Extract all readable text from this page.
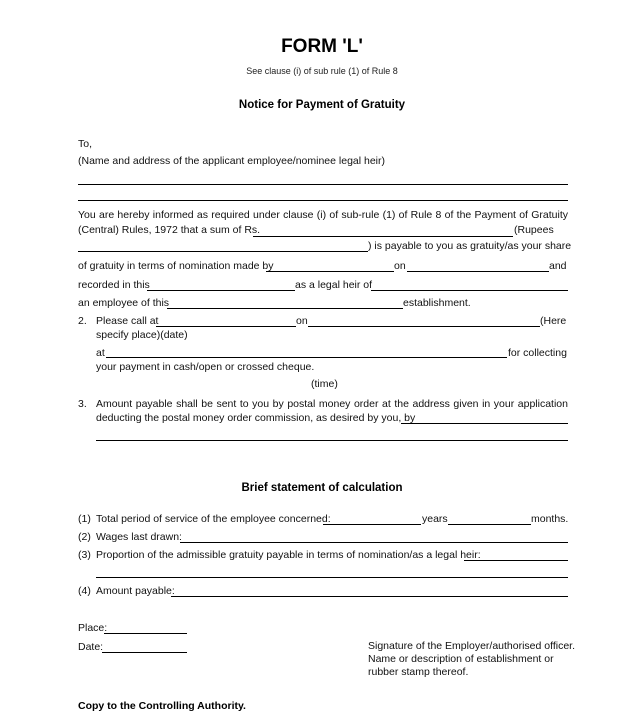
FORM 'L'
See clause (i) of sub rule (1) of Rule 8
Notice for Payment of Gratuity
To,
(Name and address of the applicant employee/nominee legal heir)
You are hereby informed as required under clause (i) of sub-rule (1) of Rule 8 of the Payment of Gratuity
(Central) Rules, 1972 that a sum of Rs.	(Rupees
) is payable to you as gratuity/as your share
of gratuity in terms of nomination made by	on	and
recorded in this	as a legal heir of
an employee of this	establishment.
2. Please call at	on	(Here
specify place)(date)
at	for collecting
your payment in cash/open or crossed cheque.
(time)
3. Amount payable shall be sent to you by postal money order at the address given in your application
deducting the postal money order commission, as desired by you, by
Brief statement of calculation
(1) Total period of service of the employee concerned:	years	months.
(2) Wages last drawn:
(3) Proportion of the admissible gratuity payable in terms of nomination/as a legal heir:
(4) Amount payable:
Place:
Date:	Signature of the Employer/authorised officer.
Name or description of establishment or
rubber stamp thereof.
Copy to the Controlling Authority.
